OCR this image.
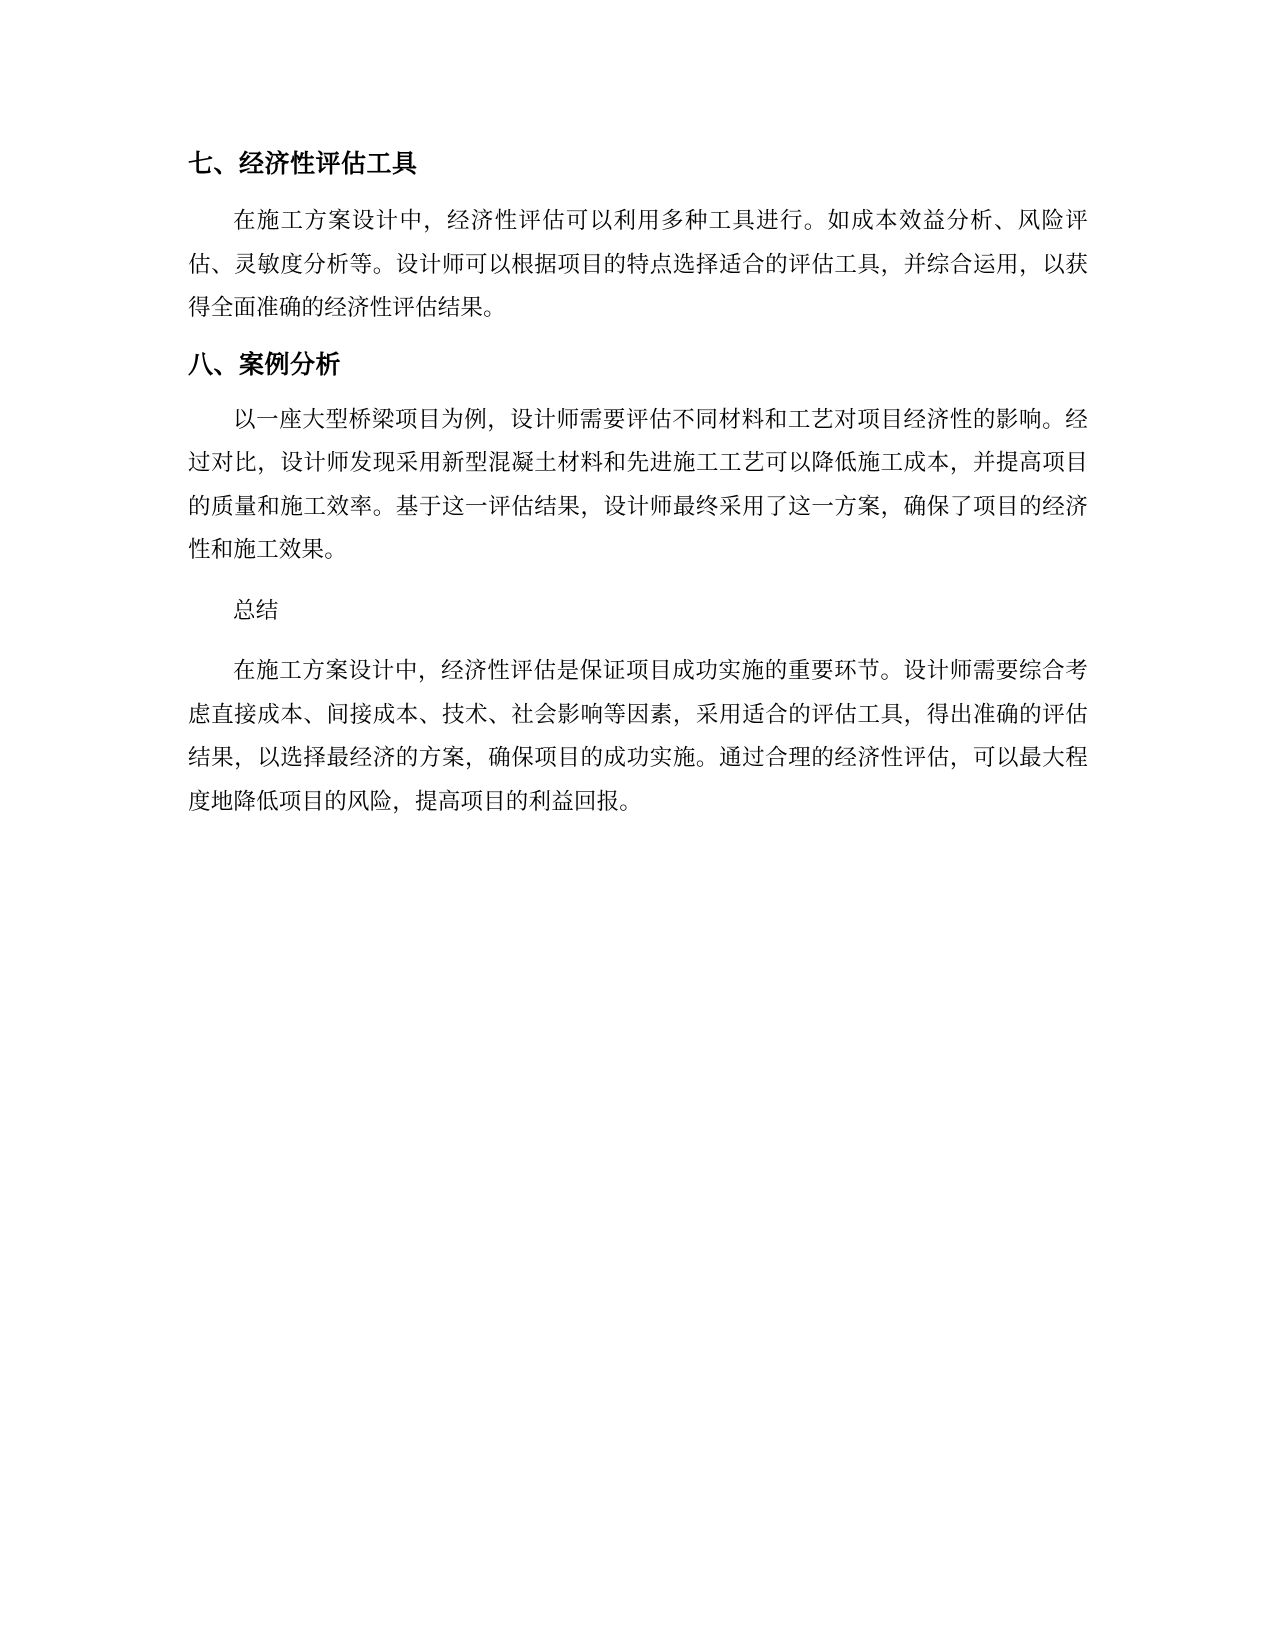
七、经济性评估工具

在施工方案设计中，经济性评估可以利用多种工具进行。如成本效益分析、风险评估、灵敏度分析等。设计师可以根据项目的特点选择适合的评估工具，并综合运用，以获得全面准确的经济性评估结果。

八、案例分析

以一座大型桥梁项目为例，设计师需要评估不同材料和工艺对项目经济性的影响。经过对比，设计师发现采用新型混凝土材料和先进施工工艺可以降低施工成本，并提高项目的质量和施工效率。基于这一评估结果，设计师最终采用了这一方案，确保了项目的经济性和施工效果。

总结

在施工方案设计中，经济性评估是保证项目成功实施的重要环节。设计师需要综合考虑直接成本、间接成本、技术、社会影响等因素，采用适合的评估工具，得出准确的评估结果，以选择最经济的方案，确保项目的成功实施。通过合理的经济性评估，可以最大程度地降低项目的风险，提高项目的利益回报。
